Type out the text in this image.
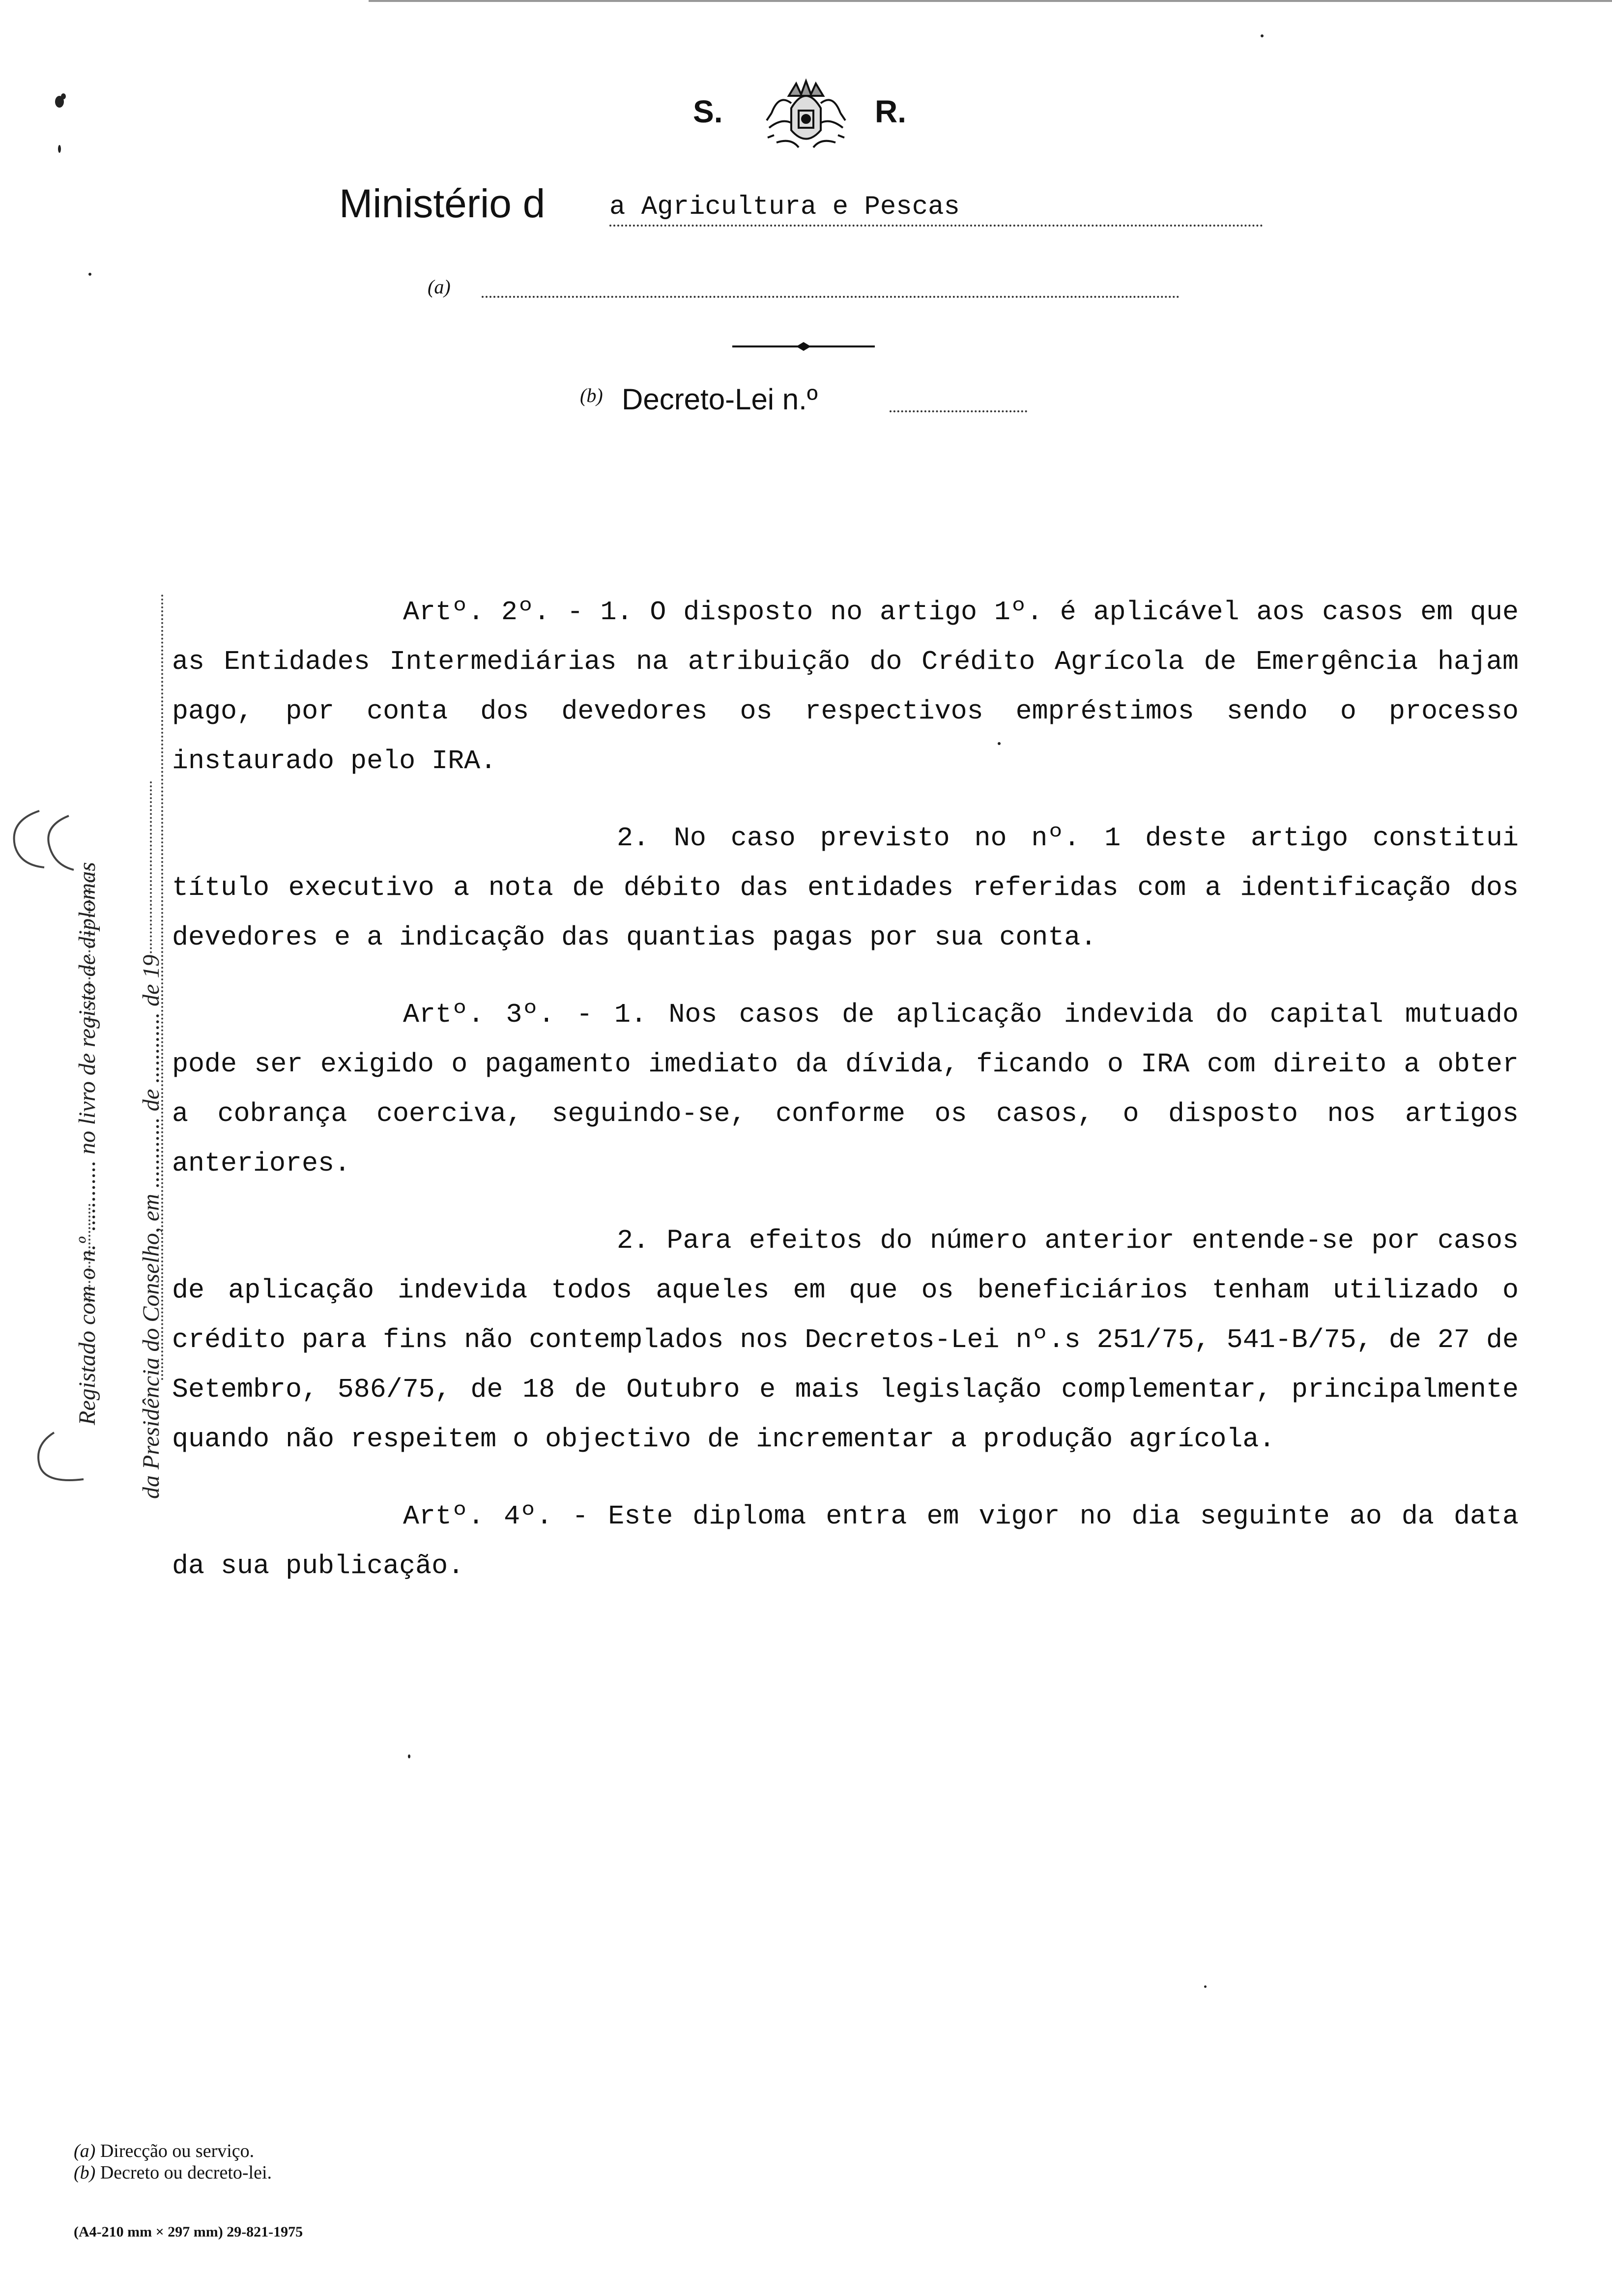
S.	R.
Ministério d a Agricultura e Pescas
(a)
(b) Decreto-Lei n.º
Registado com o n.º ............ no livro de registo de diplomas da Presidência do Conselho, em ............ de ............ de 19

Artº. 2º. - 1. O disposto no artigo 1º. é aplicável aos casos em que as Entidades Intermediárias na atribuição do Crédito Agrícola de Emergência hajam pago, por conta dos devedores os respectivos empréstimos sendo o processo instaurado pelo IRA.

2. No caso previsto no nº. 1 deste artigo constitui título executivo a nota de débito das entidades referidas com a identificação dos devedores e a indicação das quantias pagas por sua conta.

Artº. 3º. - 1. Nos casos de aplicação indevida do capital mutuado pode ser exigido o pagamento imediato da dívida, ficando o IRA com direito a obter a cobrança coerciva, seguindo-se, conforme os casos, o disposto nos artigos anteriores.

2. Para efeitos do número anterior entende-se por casos de aplicação indevida todos aqueles em que os beneficiários tenham utilizado o crédito para fins não contemplados nos Decretos-Lei nº.s 251/75, 541-B/75, de 27 de Setembro, 586/75, de 18 de Outubro e mais legislação complementar, principalmente quando não respeitem o objectivo de incrementar a produção agrícola.

Artº. 4º. - Este diploma entra em vigor no dia seguinte ao da data da sua publicação.

(a) Direcção ou serviço.
(b) Decreto ou decreto-lei.
(A4-210 mm × 297 mm) 29-821-1975
